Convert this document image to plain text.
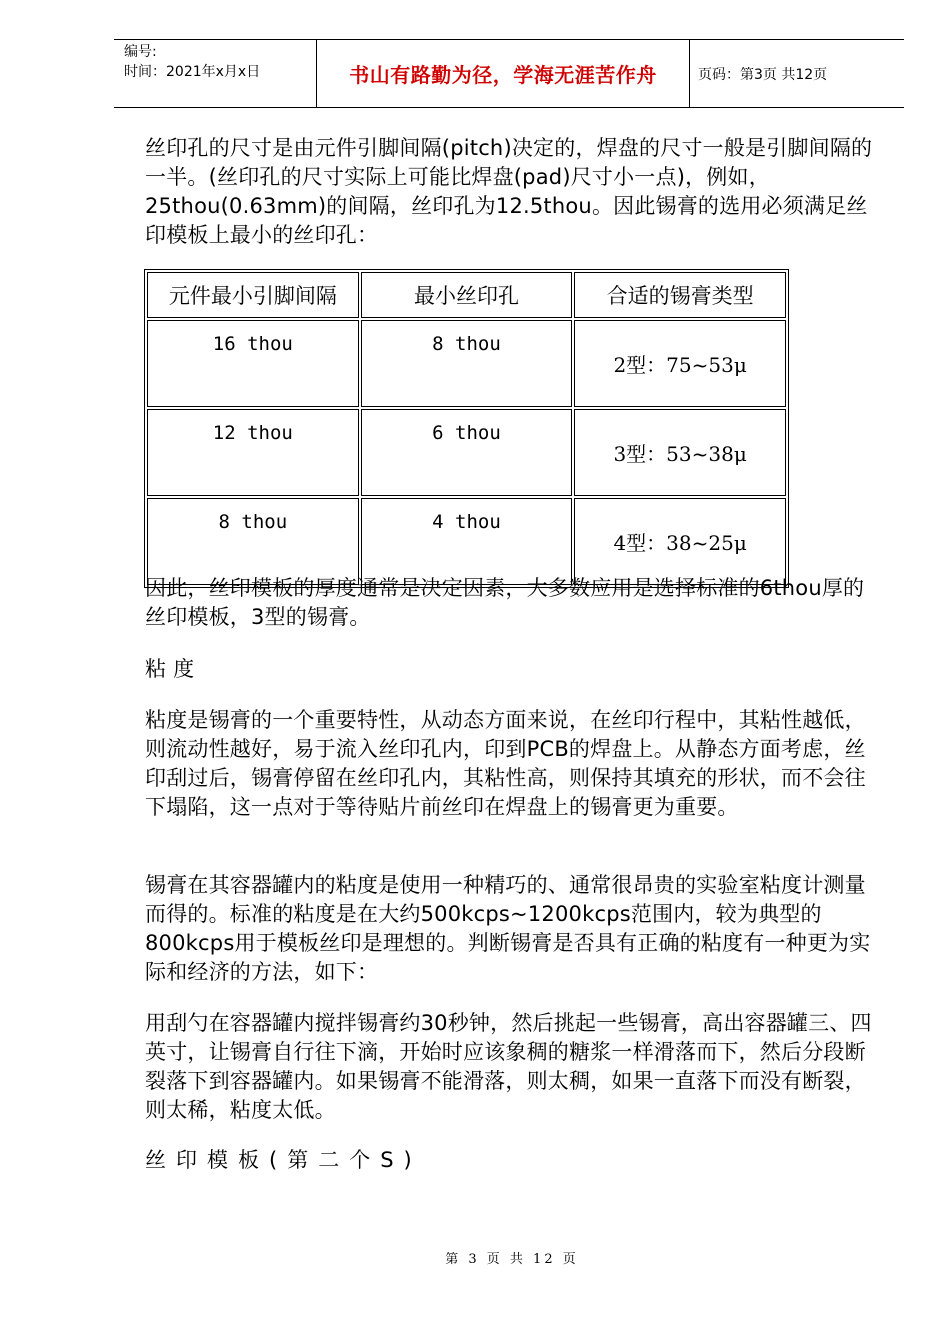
编号:
时间：2021年x月x日	书山有路勤为径，学海无涯苦作舟	页码：第3页 共12页

丝印孔的尺寸是由元件引脚间隔(pitch)决定的，焊盘的尺寸一般是引脚间隔的一半。(丝印孔的尺寸实际上可能比焊盘(pad)尺寸小一点)，例如，25thou(0.63mm)的间隔，丝印孔为12.5thou。因此锡膏的选用必须满足丝印模板上最小的丝印孔：

元件最小引脚间隔	最小丝印孔	合适的锡膏类型
16 thou	8 thou	2型：75~53μ
12 thou	6 thou	3型：53~38μ
8 thou	4 thou	4型：38~25μ

因此，丝印模板的厚度通常是决定因素，大多数应用是选择标准的6thou厚的丝印模板，3型的锡膏。

粘 度

粘度是锡膏的一个重要特性，从动态方面来说，在丝印行程中，其粘性越低，则流动性越好，易于流入丝印孔内，印到PCB的焊盘上。从静态方面考虑，丝印刮过后，锡膏停留在丝印孔内，其粘性高，则保持其填充的形状，而不会往下塌陷，这一点对于等待贴片前丝印在焊盘上的锡膏更为重要。

锡膏在其容器罐内的粘度是使用一种精巧的、通常很昂贵的实验室粘度计测量而得的。标准的粘度是在大约500kcps~1200kcps范围内，较为典型的800kcps用于模板丝印是理想的。判断锡膏是否具有正确的粘度有一种更为实际和经济的方法，如下：

用刮勺在容器罐内搅拌锡膏约30秒钟，然后挑起一些锡膏，高出容器罐三、四英寸，让锡膏自行往下滴，开始时应该象稠的糖浆一样滑落而下，然后分段断裂落下到容器罐内。如果锡膏不能滑落，则太稠，如果一直落下而没有断裂，则太稀，粘度太低。

丝印模板(第二个S)

第 3 页 共 12 页
